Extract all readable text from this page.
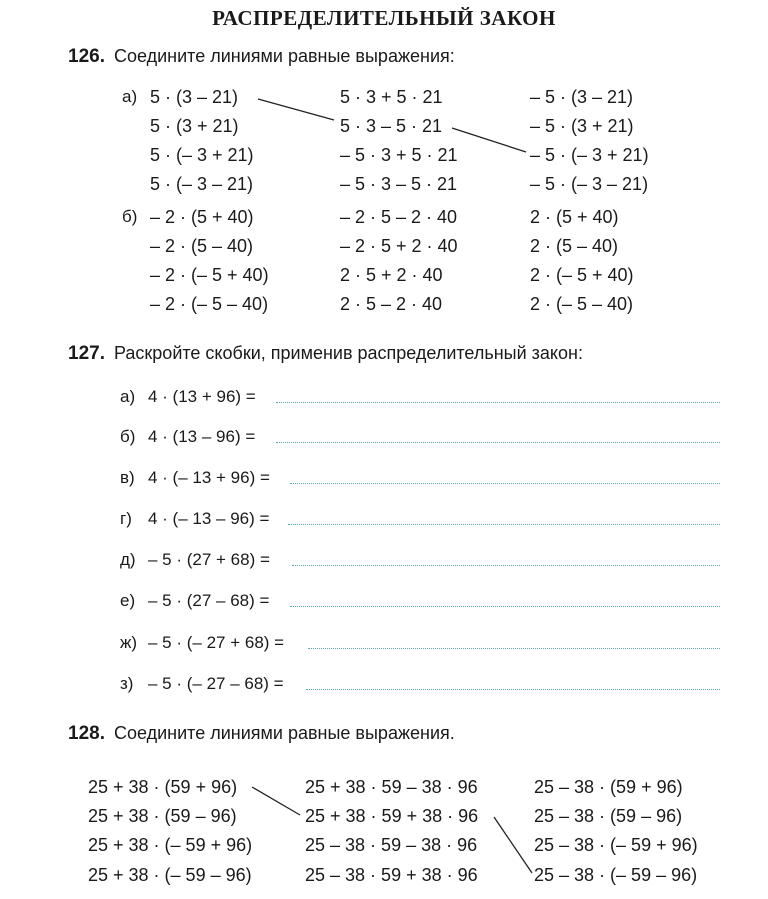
РАСПРЕДЕЛИТЕЛЬНЫЙ ЗАКОН
126. Соедините линиями равные выражения:
а) 5 · (3 – 21)
5 · (3 + 21)
5 · (– 3 + 21)
5 · (– 3 – 21)
5 · 3 + 5 · 21
5 · 3 – 5 · 21
– 5 · 3 + 5 · 21
– 5 · 3 – 5 · 21
– 5 · (3 – 21)
– 5 · (3 + 21)
– 5 · (– 3 + 21)
– 5 · (– 3 – 21)
б) – 2 · (5 + 40)
– 2 · (5 – 40)
– 2 · (– 5 + 40)
– 2 · (– 5 – 40)
– 2 · 5 – 2 · 40
– 2 · 5 + 2 · 40
2 · 5 + 2 · 40
2 · 5 – 2 · 40
2 · (5 + 40)
2 · (5 – 40)
2 · (– 5 + 40)
2 · (– 5 – 40)
127. Раскройте скобки, применив распределительный закон:
а) 4 · (13 + 96) =
б) 4 · (13 – 96) =
в) 4 · (– 13 + 96) =
г) 4 · (– 13 – 96) =
д) – 5 · (27 + 68) =
е) – 5 · (27 – 68) =
ж) – 5 · (– 27 + 68) =
з) – 5 · (– 27 – 68) =
128. Соедините линиями равные выражения.
25 + 38 · (59 + 96)
25 + 38 · (59 – 96)
25 + 38 · (– 59 + 96)
25 + 38 · (– 59 – 96)
25 + 38 · 59 – 38 · 96
25 + 38 · 59 + 38 · 96
25 – 38 · 59 – 38 · 96
25 – 38 · 59 + 38 · 96
25 – 38 · (59 + 96)
25 – 38 · (59 – 96)
25 – 38 · (– 59 + 96)
25 – 38 · (– 59 – 96)
